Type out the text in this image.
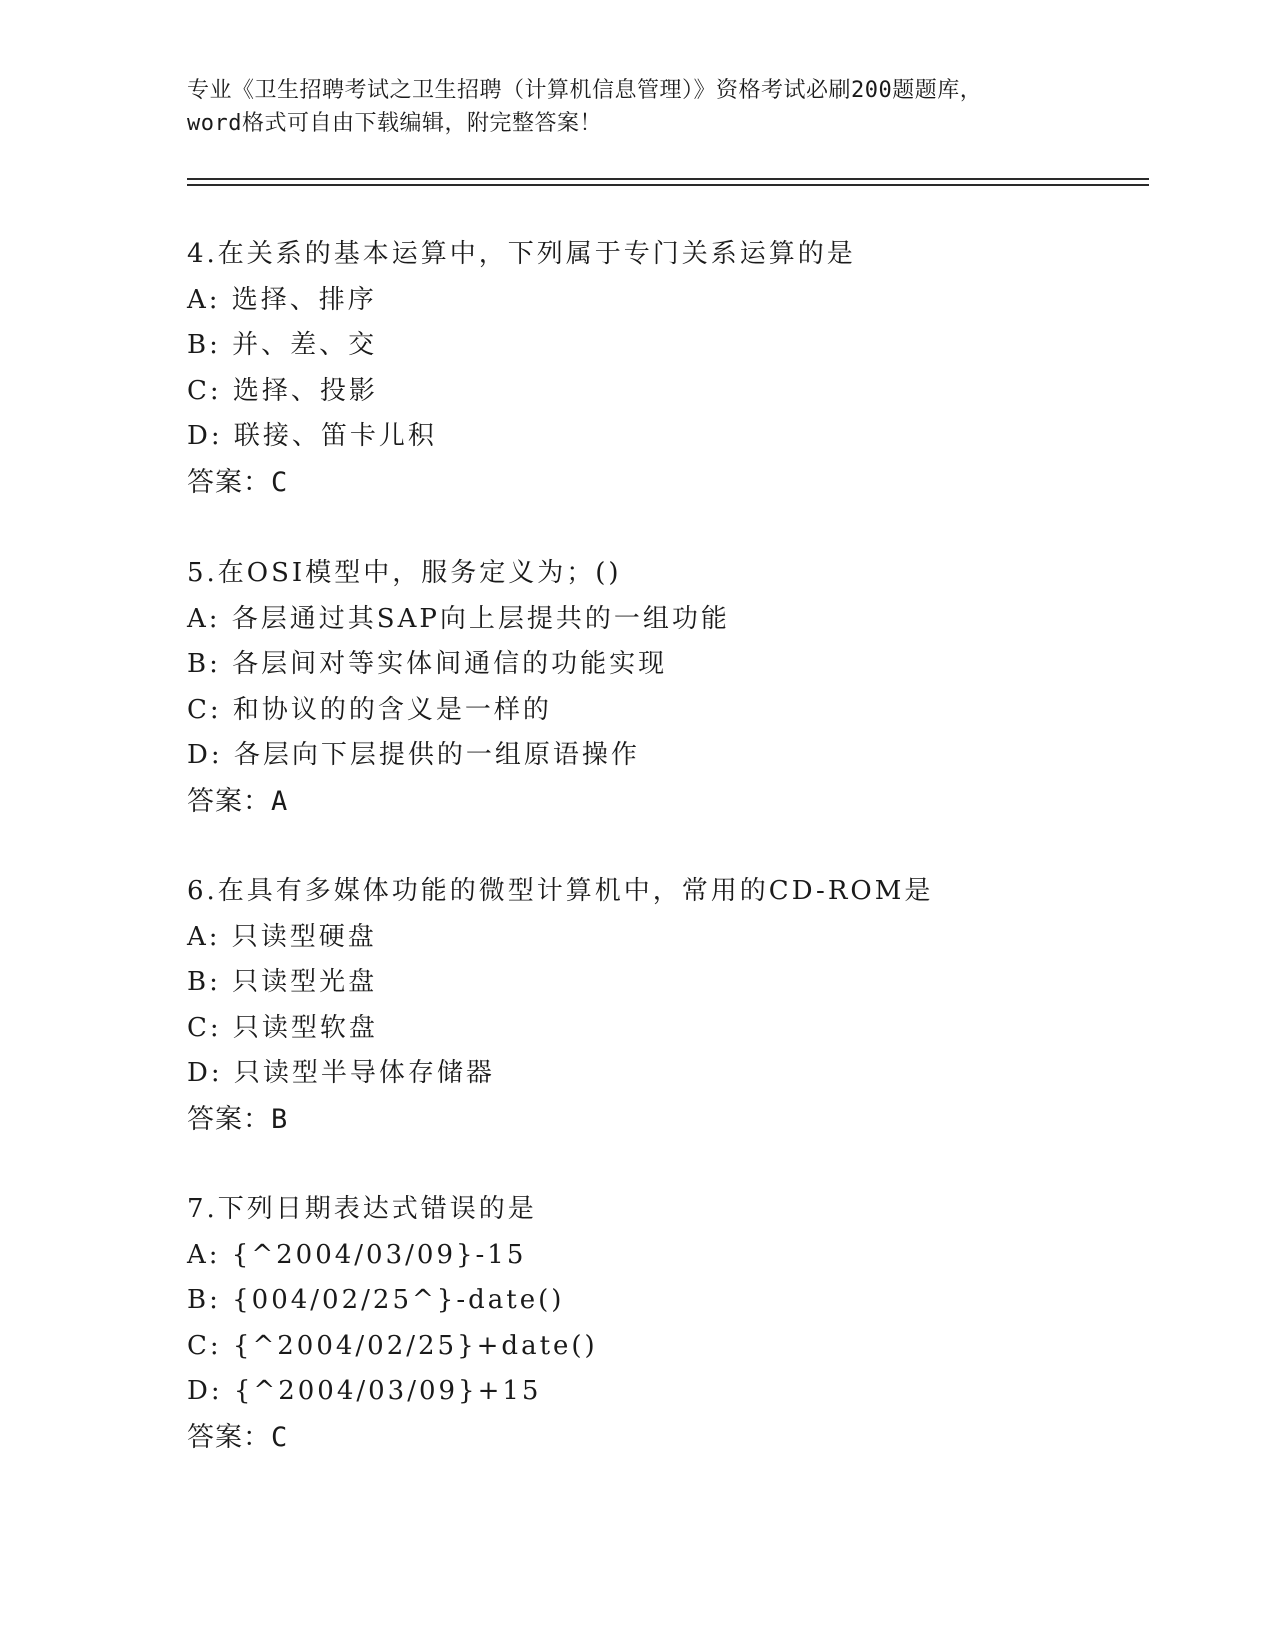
专业《卫生招聘考试之卫生招聘（计算机信息管理）》资格考试必刷200题题库，
word格式可自由下载编辑，附完整答案！
4.在关系的基本运算中，下列属于专门关系运算的是
A: 选择、排序
B: 并、差、交
C: 选择、投影
D: 联接、笛卡儿积
答案：C
5.在OSI模型中，服务定义为；()
A: 各层通过其SAP向上层提共的一组功能
B: 各层间对等实体间通信的功能实现
C: 和协议的的含义是一样的
D: 各层向下层提供的一组原语操作
答案：A
6.在具有多媒体功能的微型计算机中，常用的CD-ROM是
A: 只读型硬盘
B: 只读型光盘
C: 只读型软盘
D: 只读型半导体存储器
答案：B
7.下列日期表达式错误的是
A: {^2004/03/09}-15
B: {004/02/25^}-date()
C: {^2004/02/25}+date()
D: {^2004/03/09}+15
答案：C
